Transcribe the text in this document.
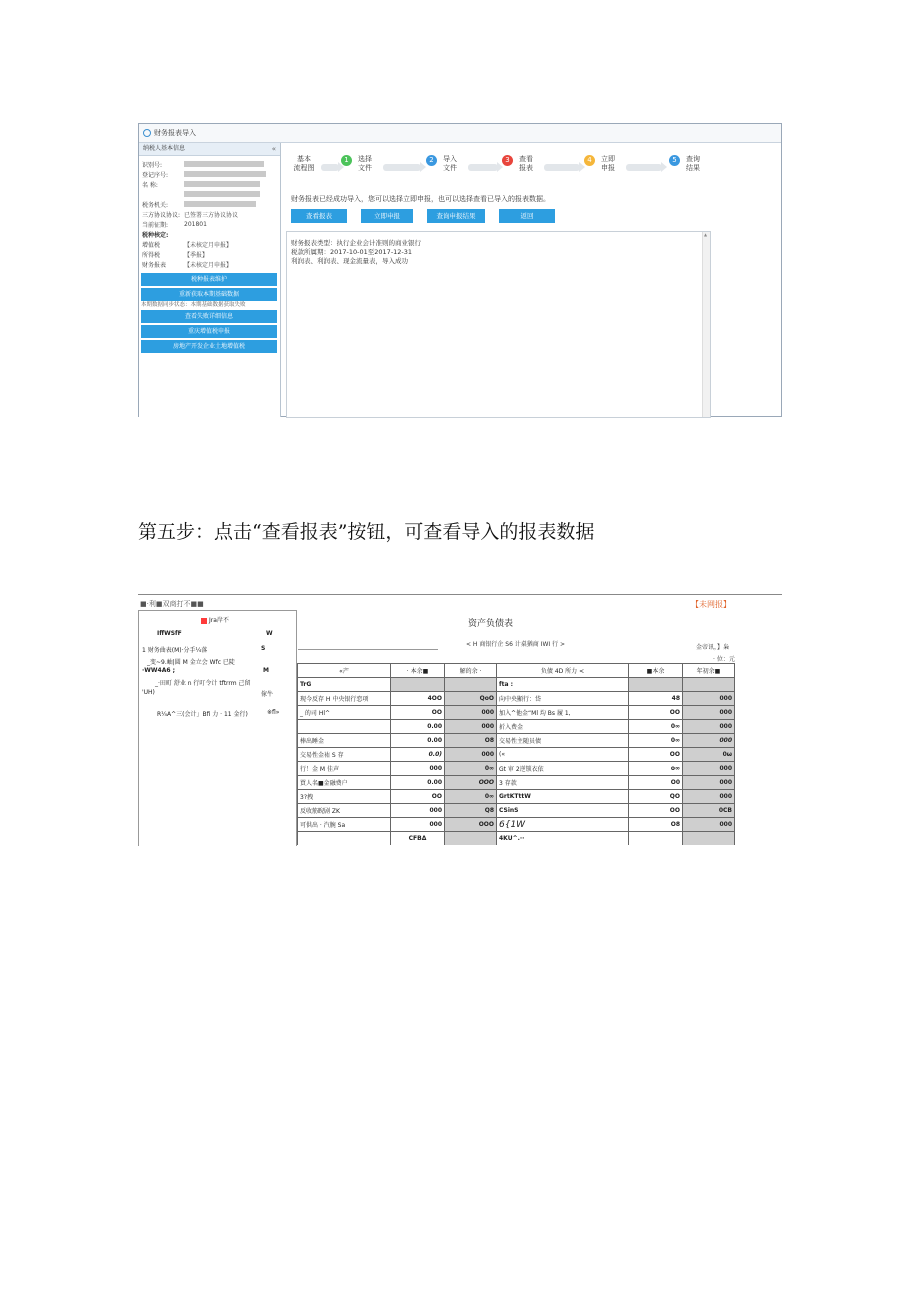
财务报表导入
纳税人基本信息	«
识别号:
登记序号:
名 称:
税务机关:
三方协议协议: 已签署三方协议协议
当前征期:	201801
税种核定:
增值税	【未核定月申报】
所得税	【季报】
财务报表	【未核定月申报】
税种报表维护
重新获取本期基础数据
本期数据同步状态：本期基础数据获取失败
查看失败详细信息
重庆增值税申报
房地产开发企业土地增值税
基本
流程图
1	选择
文件
2	导入
文件
3	查看
报表
4	立即
申报
5	查询
结果
财务报表已经成功导入，您可以选择立即申报，也可以选择查看已导入的报表数据。
查看报表	立即申报	查询申报结果	返回
财务报表类型：执行企业会计准则的商业银行
税款所属期：2017-10-01至2017-12-31
利润表、利润表、现金流量表，导入成功
▲
第五步：点击“查看报表”按钮，可查看导入的报表数据
■·利■双商打不■■	【未网报】
Jra岸不
IffWSfF	W
1 财务曲表(M)·分手¼落	S
_变~9.岫|圆 M 金立会 Wfc 已陡
·WW4A6 ;	M
_·田町 舒业 n 行叮令计 tftrrm 己留
'UH)	傢牛
R¼A^三(会计」Bfi 力 · 11 金行)	※fl»
资产负债表
< H 商银行企 S6 计桌猶商 IWI 行 >	金帝讯，】枭
· 位：元
«产	· 本余■	解的余 ·	负债 4D 所力 <	■本余	年初余■
TrG			fta :		
现今反存 H 中央银行恋项	4OO	QoO	向中央顯行：岱	48	000
_ 的司 Hl^	OO	000	加入^他金“Ml 均 Bs 履 1,	OO	000
	0.00	000	折入费金	0∞	000
棒出睡金	0.00	O8	交易性主随员债	0∞	000
交易性金祐 S 存	0.0)	000	(«	OO	0ω
行！金 M 佳声	000	0∞	Gt 审 2逆锁衣依	o∞	000
買人名■金融费户	0.00	OOO	3 存款	O0	000
3?拽	OO	0∞	GrtKTttW	QO	000
反收筋睨剧 ZK	000	Q8	CSinS	OO	0CB
可供出 · 汽腕 Sa	000	OOO	6{1W	O8	000
	CFBΔ		4KU^.··		
